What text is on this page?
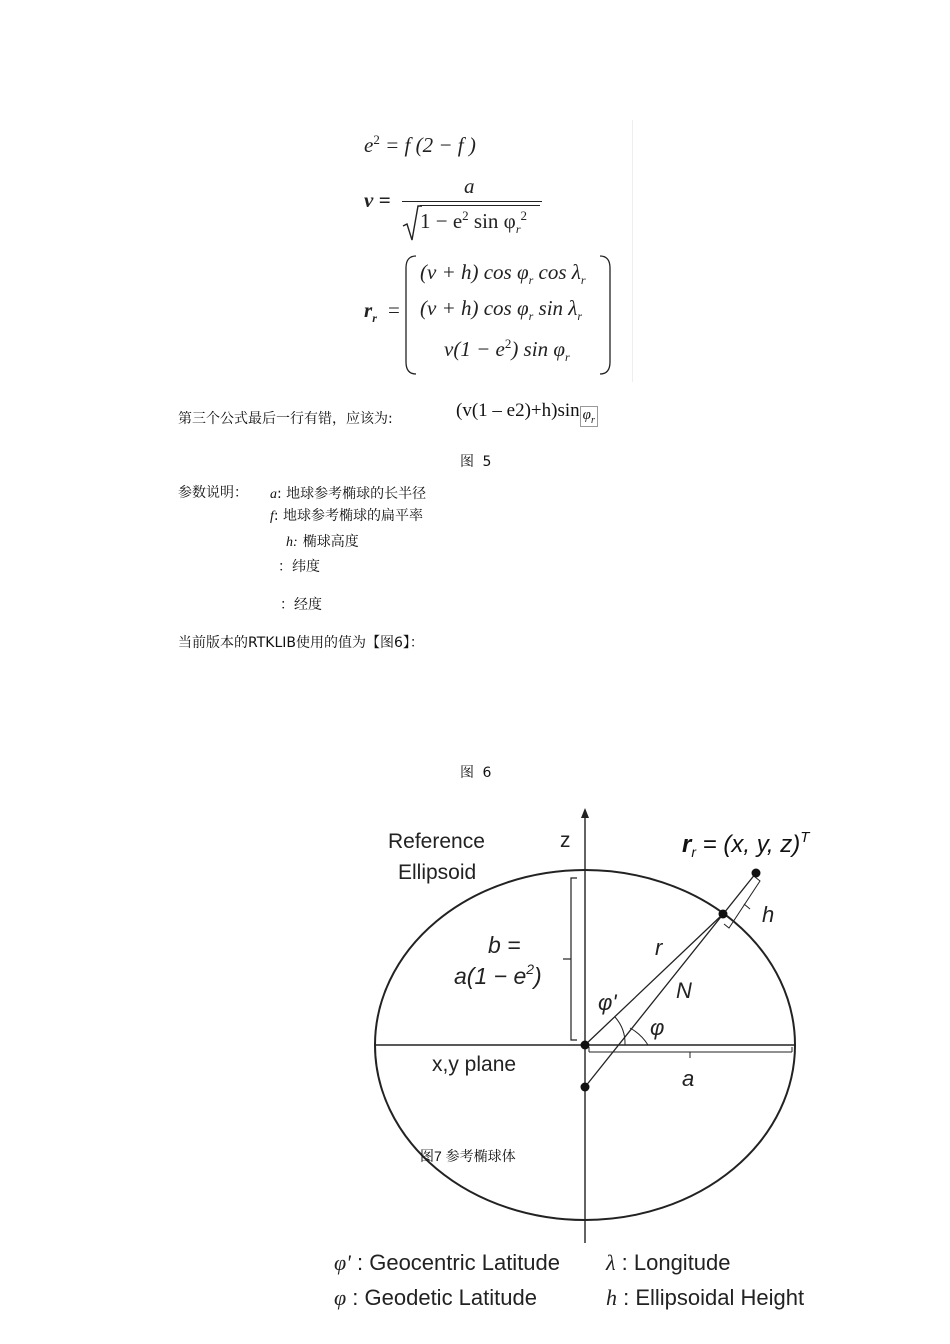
$e^2 = f$ (2 − f )
v =
a
$1 - e^2$ $\sin \varphi_r^2$
$r_r$ =
(v + h) $\cos \varphi_r$ $\cos \lambda_r$
(v + h) $\cos \varphi_r$ $\sin \lambda_r$
$v(1 - e^2)$ $\sin \varphi_r$
第三个公式最后一行有错，应该为:	(v(1 – e2)+h)sin $\varphi_r$
图 5
参数说明： a: 地球参考椭球的长半径
f: 地球参考椭球的扁平率
h: 椭球高度
：纬度
：经度
当前版本的RTKLIB使用的值为【图6】：
图 6
Reference
Ellipsoid
z	$r_r = (x$, y, z)$^T$
h
b =
$a(1 - e^2)$
r
N
φ'
φ
x,y plane
a
图7 参考椭球体
φ' : Geocentric Latitude λ : Longitude
φ : Geodetic Latitude	h : Ellipsoidal Height
